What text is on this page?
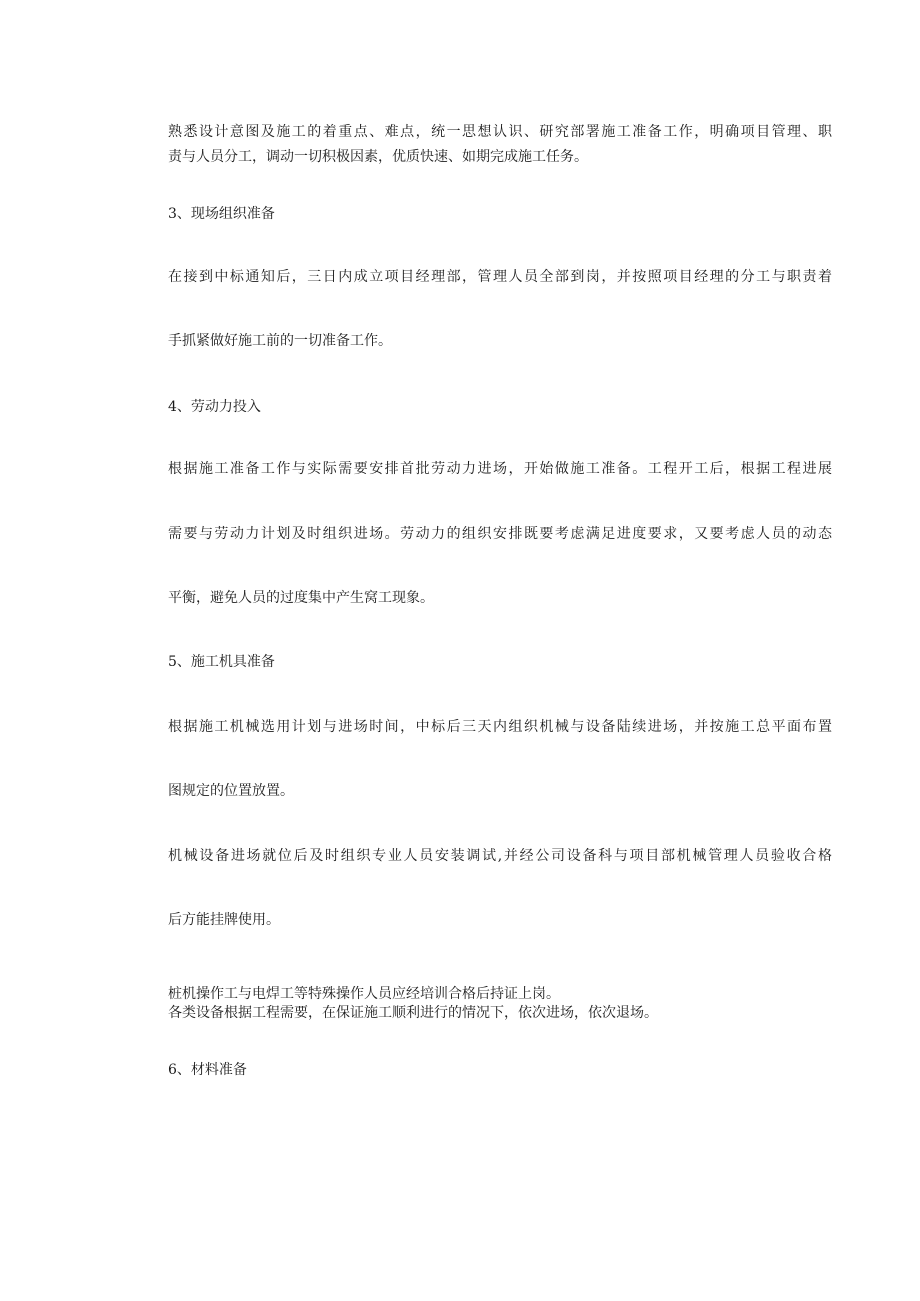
熟悉设计意图及施工的着重点、难点，统一思想认识、研究部署施工准备工作，明确项目管理、职
责与人员分工，调动一切积极因素，优质快速、如期完成施工任务。
3、现场组织准备
在接到中标通知后，三日内成立项目经理部，管理人员全部到岗，并按照项目经理的分工与职责着
手抓紧做好施工前的一切准备工作。
4、劳动力投入
根据施工准备工作与实际需要安排首批劳动力进场，开始做施工准备。工程开工后，根据工程进展
需要与劳动力计划及时组织进场。劳动力的组织安排既要考虑满足进度要求，又要考虑人员的动态
平衡，避免人员的过度集中产生窝工现象。
5、施工机具准备
根据施工机械选用计划与进场时间，中标后三天内组织机械与设备陆续进场，并按施工总平面布置
图规定的位置放置。
机械设备进场就位后及时组织专业人员安装调试,并经公司设备科与项目部机械管理人员验收合格
后方能挂牌使用。
桩机操作工与电焊工等特殊操作人员应经培训合格后持证上岗。
各类设备根据工程需要，在保证施工顺利进行的情况下，依次进场，依次退场。
6、材料准备
